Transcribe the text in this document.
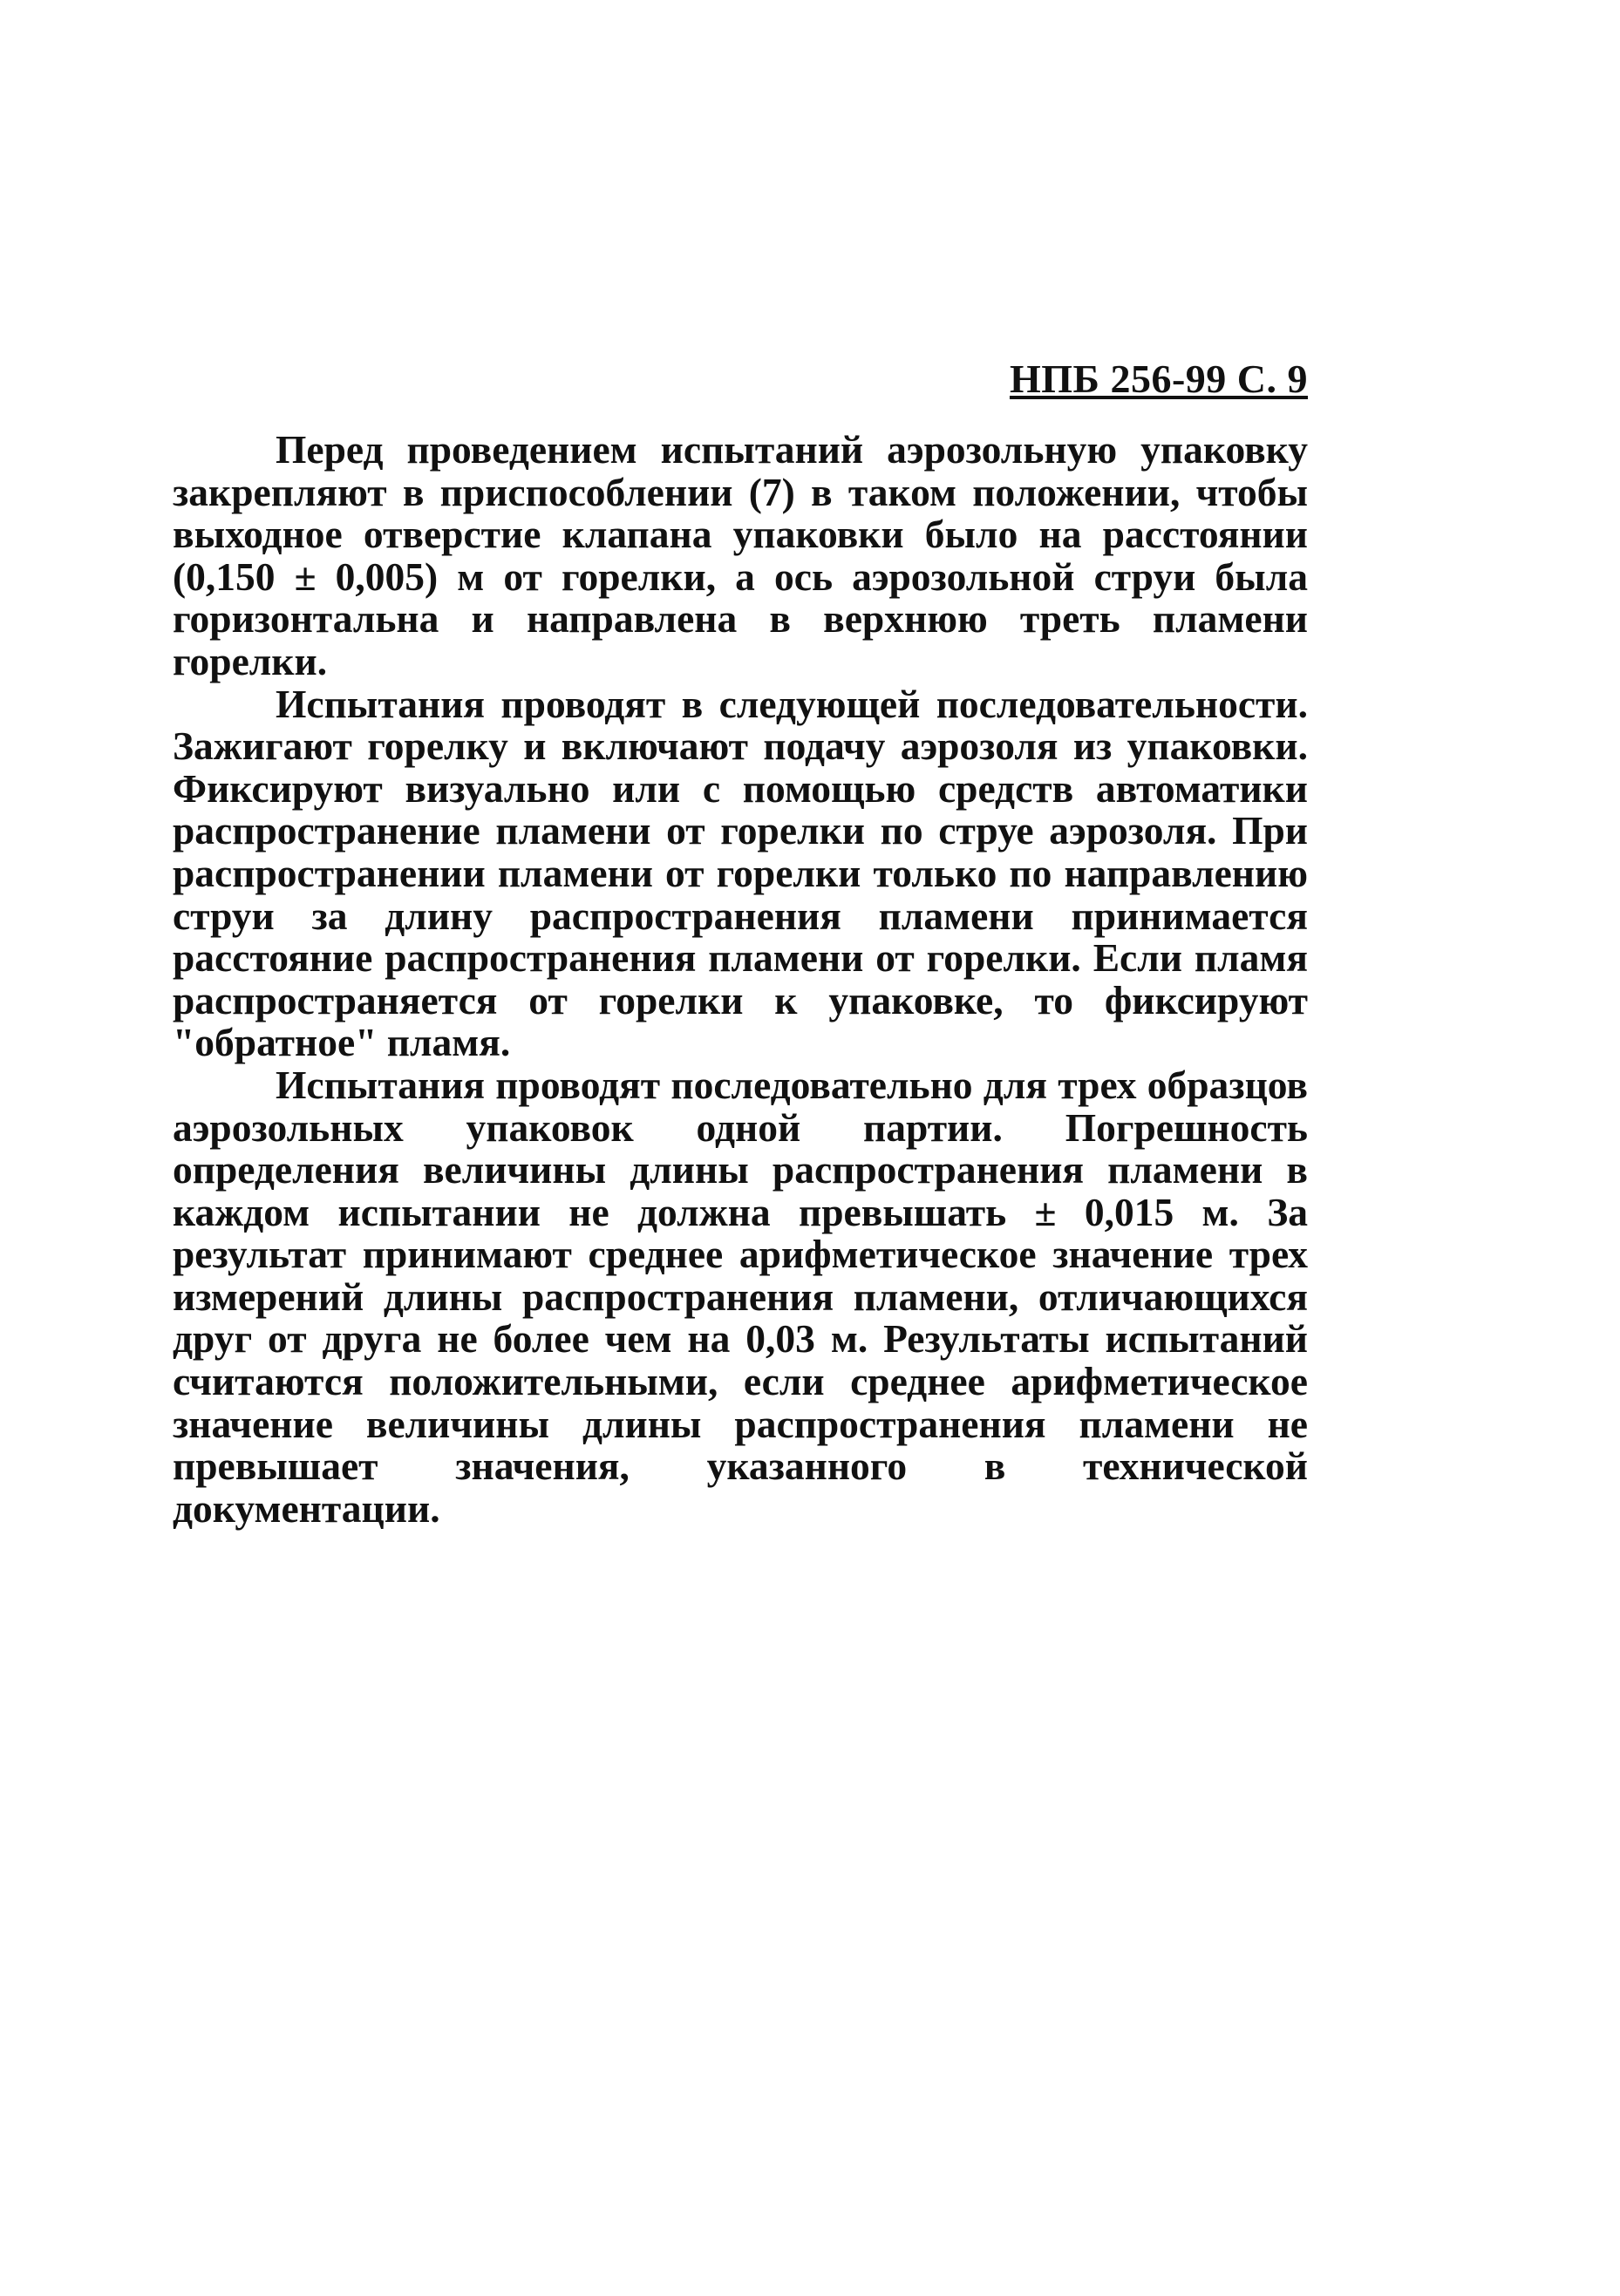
НПБ 256-99 С. 9

Перед проведением испытаний аэрозольную упаковку закрепляют в приспособлении (7) в таком положении, чтобы выходное отверстие клапана упаковки было на расстоянии (0,150 ± 0,005) м от горелки, а ось аэрозольной струи была горизонтальна и направлена в верхнюю треть пламени горелки.

Испытания проводят в следующей последовательности. Зажигают горелку и включают подачу аэрозоля из упаковки. Фиксируют визуально или с помощью средств автоматики распространение пламени от горелки по струе аэрозоля. При распространении пламени от горелки только по направлению струи за длину распространения пламени принимается расстояние распространения пламени от горелки. Если пламя распространяется от горелки к упаковке, то фиксируют "обратное" пламя.

Испытания проводят последовательно для трех образцов аэрозольных упаковок одной партии. Погрешность определения величины длины распространения пламени в каждом испытании не должна превышать ± 0,015 м. За результат принимают среднее арифметическое значение трех измерений длины распространения пламени, отличающихся друг от друга не более чем на 0,03 м. Результаты испытаний считаются положительными, если среднее арифметическое значение величины длины распространения пламени не превышает значения, указанного в технической документации.
